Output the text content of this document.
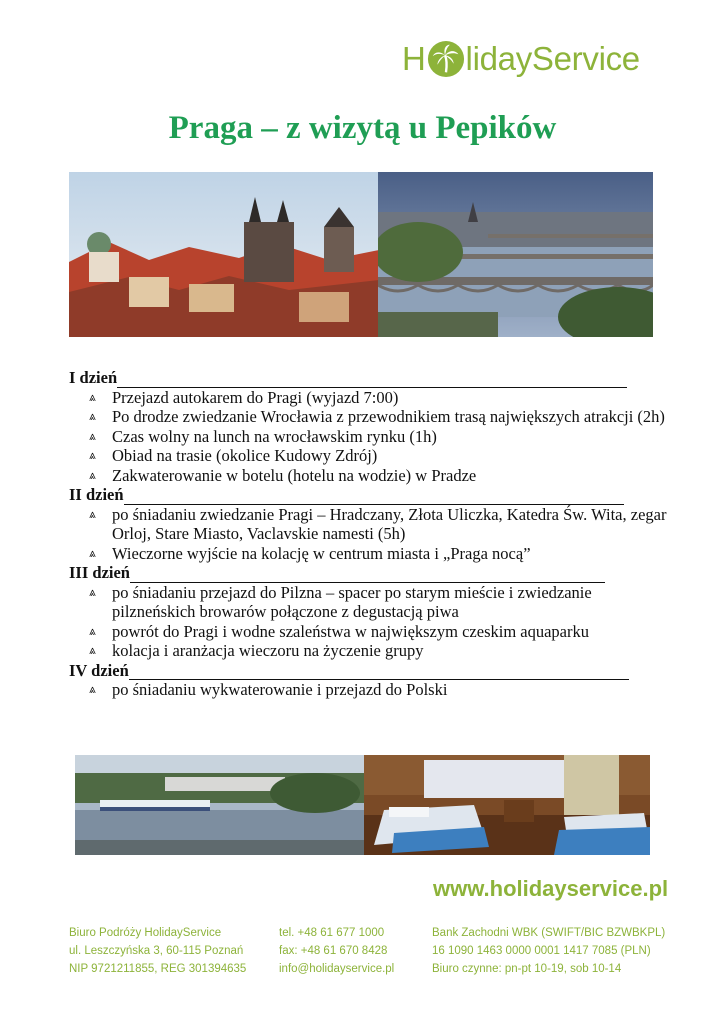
H lidayService
Praga – z wizytą u Pepików
I dzień
⩓ Przejazd autokarem do Pragi (wyjazd 7:00)
⩓ Po drodze zwiedzanie Wrocławia z przewodnikiem trasą największych atrakcji (2h)
⩓ Czas wolny na lunch na wrocławskim rynku (1h)
⩓ Obiad na trasie (okolice Kudowy Zdrój)
⩓ Zakwaterowanie w botelu (hotelu na wodzie) w Pradze
II dzień
⩓ po śniadaniu zwiedzanie Pragi – Hradczany, Złota Uliczka, Katedra Św. Wita, zegar Orloj, Stare Miasto, Vaclavskie namesti (5h)
⩓ Wieczorne wyjście na kolację w centrum miasta i „Praga nocą”
III dzień
⩓ po śniadaniu przejazd do Pilzna – spacer po starym mieście i zwiedzanie pilzneńskich browarów połączone z degustacją piwa
⩓ powrót do Pragi i wodne szaleństwa w największym czeskim aquaparku
⩓ kolacja i aranżacja wieczoru na życzenie grupy
IV dzień
⩓ po śniadaniu wykwaterowanie i przejazd do Polski
www.holidayservice.pl
Biuro Podróży HolidayService
ul. Leszczyńska 3, 60-115 Poznań
NIP 9721211855, REG 301394635
tel. +48 61 677 1000
fax: +48 61 670 8428
info@holidayservice.pl
Bank Zachodni WBK (SWIFT/BIC BZWBKPL)
16 1090 1463 0000 0001 1417 7085 (PLN)
Biuro czynne: pn-pt 10-19, sob 10-14
